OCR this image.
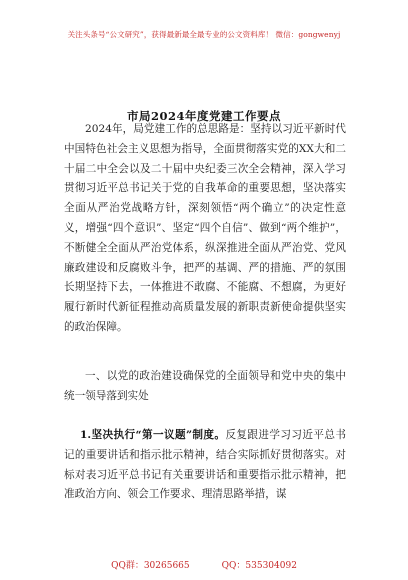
关注头条号“公文研究”，获得最新最全最专业的公文资料库！ 微信：gongwenyj
市局2024年度党建工作要点

2024年，局党建工作的总思路是：坚持以习近平新时代中国特色社会主义思想为指导，全面贯彻落实党的XX大和二十届二中全会以及二十届中央纪委三次全会精神，深入学习贯彻习近平总书记关于党的自我革命的重要思想，坚决落实全面从严治党战略方针，深刻领悟“两个确立”的决定性意义，增强“四个意识”、坚定“四个自信”、做到“两个维护”，不断健全全面从严治党体系，纵深推进全面从严治党、党风廉政建设和反腐败斗争，把严的基调、严的措施、严的氛围长期坚持下去，一体推进不敢腐、不能腐、不想腐，为更好履行新时代新征程推动高质量发展的新职责新使命提供坚实的政治保障。

一、以党的政治建设确保党的全面领导和党中央的集中统一领导落到实处

1.坚决执行“第一议题”制度。反复跟进学习习近平总书记的重要讲话和指示批示精神，结合实际抓好贯彻落实。对标对表习近平总书记有关重要讲话和重要指示批示精神，把准政治方向、领会工作要求、理清思路举措，谋

QQ群：30265665	QQ：535304092
